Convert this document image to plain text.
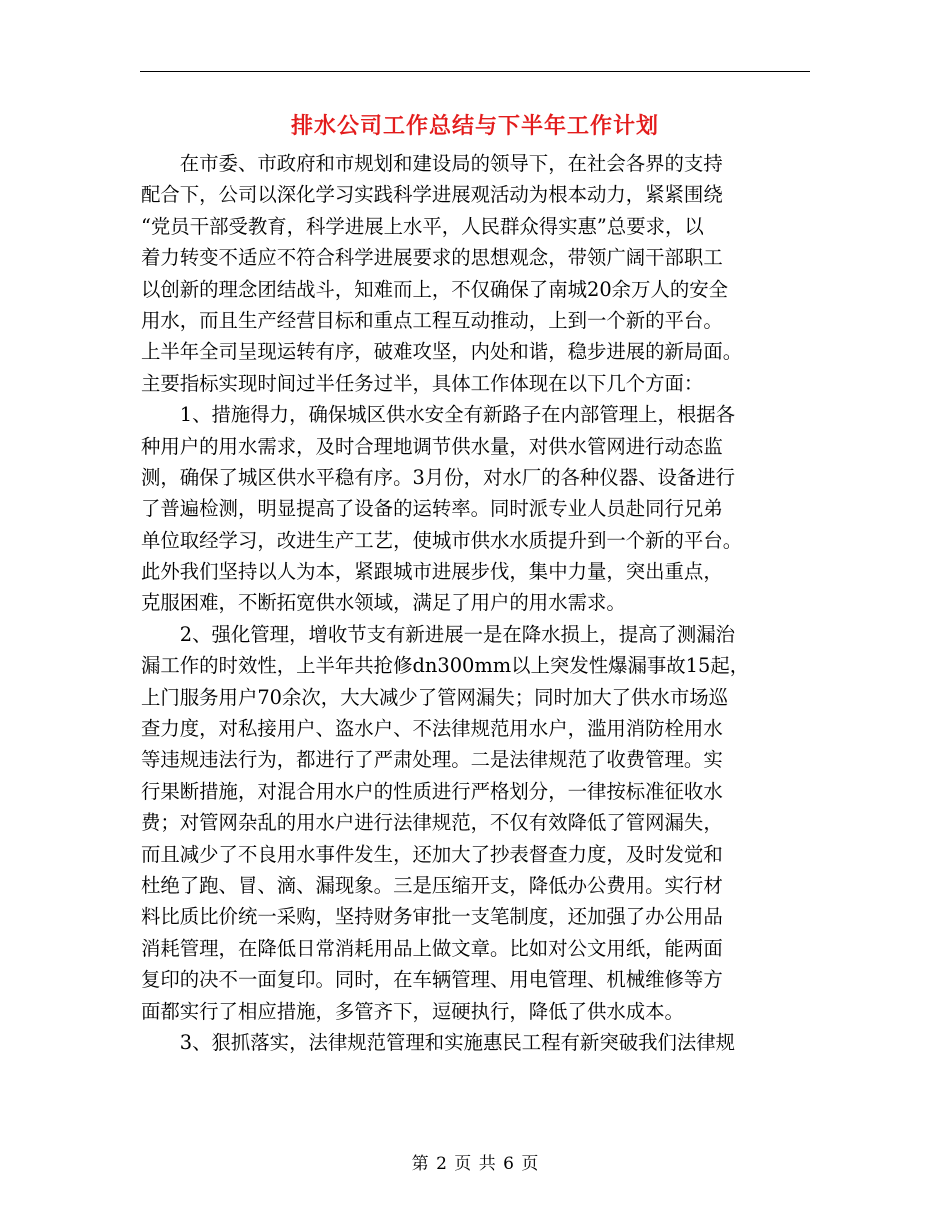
排水公司工作总结与下半年工作计划
　　在市委、市政府和市规划和建设局的领导下，在社会各界的支持
配合下，公司以深化学习实践科学进展观活动为根本动力，紧紧围绕
“党员干部受教育，科学进展上水平，人民群众得实惠”总要求，以
着力转变不适应不符合科学进展要求的思想观念，带领广阔干部职工
以创新的理念团结战斗，知难而上，不仅确保了南城20余万人的安全
用水，而且生产经营目标和重点工程互动推动，上到一个新的平台。
上半年全司呈现运转有序，破难攻坚，内处和谐，稳步进展的新局面。
主要指标实现时间过半任务过半，具体工作体现在以下几个方面：
　　1、措施得力，确保城区供水安全有新路子在内部管理上，根据各
种用户的用水需求，及时合理地调节供水量，对供水管网进行动态监
测，确保了城区供水平稳有序。3月份，对水厂的各种仪器、设备进行
了普遍检测，明显提高了设备的运转率。同时派专业人员赴同行兄弟
单位取经学习，改进生产工艺，使城市供水水质提升到一个新的平台。
此外我们坚持以人为本，紧跟城市进展步伐，集中力量，突出重点，
克服困难，不断拓宽供水领域，满足了用户的用水需求。
　　2、强化管理，增收节支有新进展一是在降水损上，提高了测漏治
漏工作的时效性，上半年共抢修dn300mm以上突发性爆漏事故15起，
上门服务用户70余次，大大减少了管网漏失；同时加大了供水市场巡
查力度，对私接用户、盗水户、不法律规范用水户，滥用消防栓用水
等违规违法行为，都进行了严肃处理。二是法律规范了收费管理。实
行果断措施，对混合用水户的性质进行严格划分，一律按标准征收水
费；对管网杂乱的用水户进行法律规范，不仅有效降低了管网漏失，
而且减少了不良用水事件发生，还加大了抄表督查力度，及时发觉和
杜绝了跑、冒、滴、漏现象。三是压缩开支，降低办公费用。实行材
料比质比价统一采购，坚持财务审批一支笔制度，还加强了办公用品
消耗管理，在降低日常消耗用品上做文章。比如对公文用纸，能两面
复印的决不一面复印。同时，在车辆管理、用电管理、机械维修等方
面都实行了相应措施，多管齐下，逗硬执行，降低了供水成本。
　　3、狠抓落实，法律规范管理和实施惠民工程有新突破我们法律规
第 2 页 共 6 页
